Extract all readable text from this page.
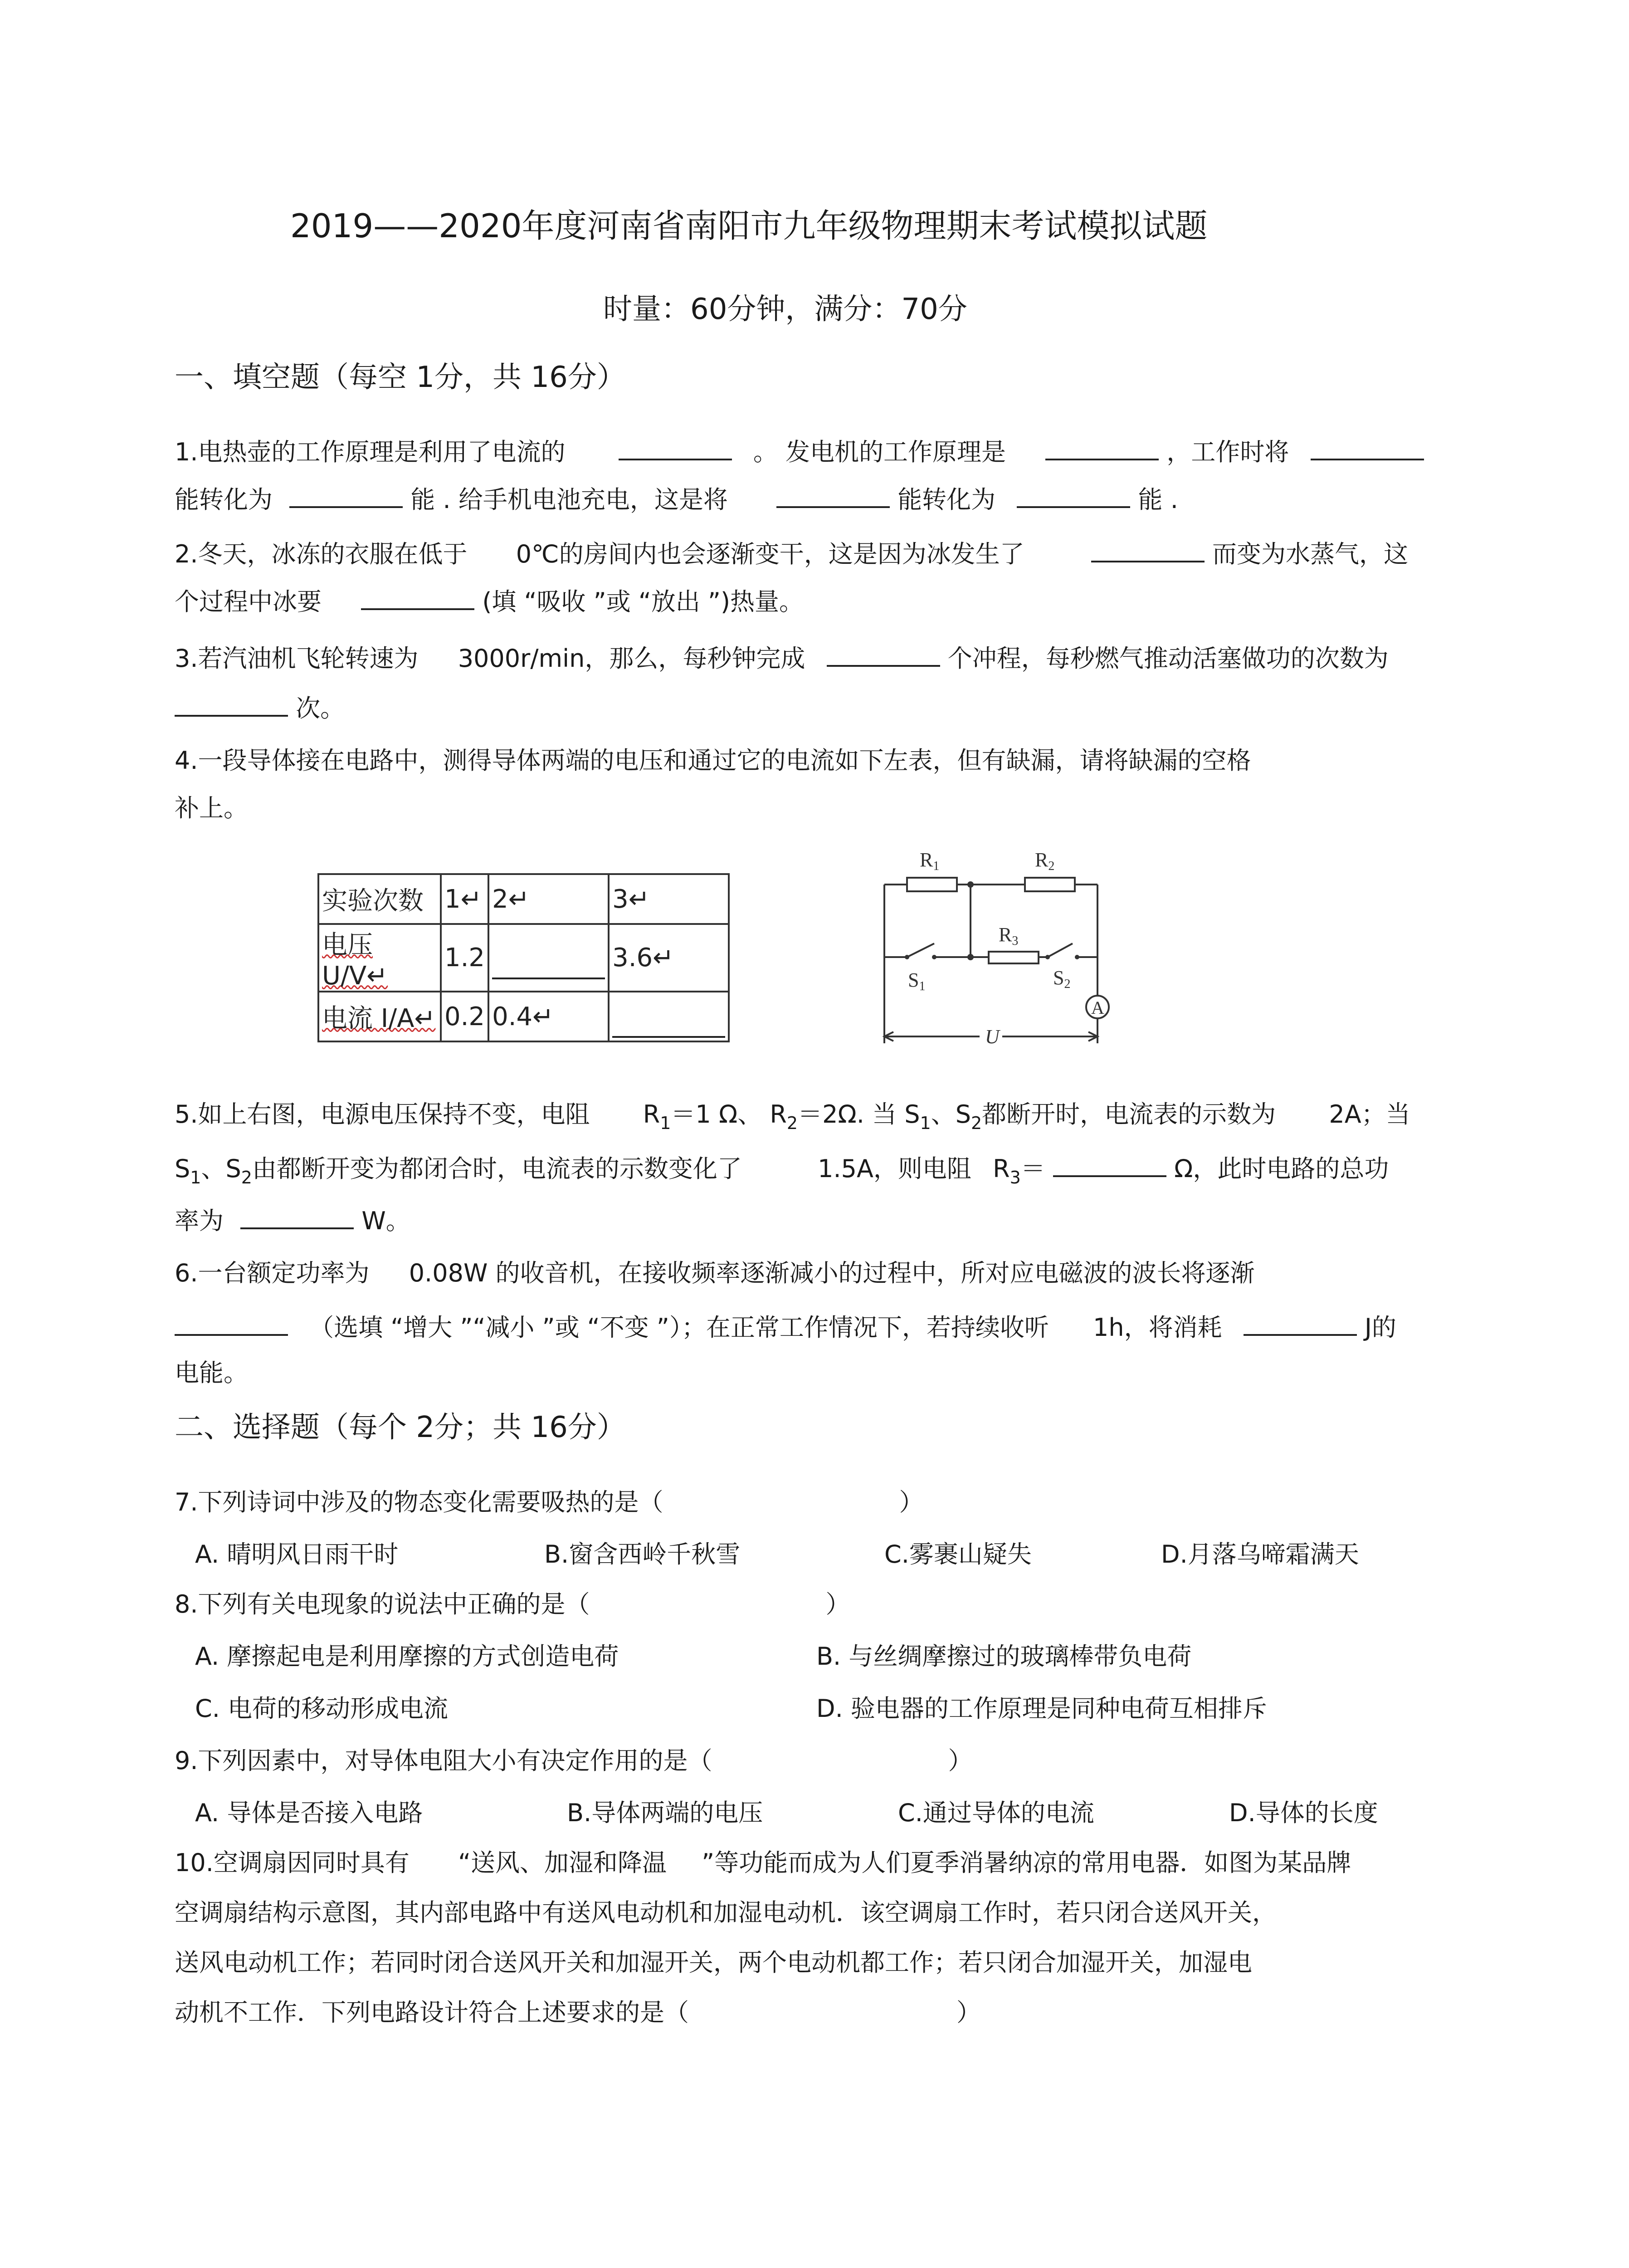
2019——2020年度河南省南阳市九年级物理期末考试模拟试题
时量：60分钟，满分：70分
一、填空题（每空 1分，共 16分）
1.电热壶的工作原理是利用了电流的	。 发电机的工作原理是	，工作时将
能转化为	能 . 给手机电池充电，这是将	能转化为	能 .
2.冬天，冰冻的衣服在低于 0℃的房间内也会逐渐变干，这是因为冰发生了	而变为水蒸气，这
个过程中冰要	(填 “吸收 ”或 “放出 ”)热量。
3.若汽油机飞轮转速为 3000r/min，那么，每秒钟完成	个冲程，每秒燃气推动活塞做功的次数为
次。
4.一段导体接在电路中，测得导体两端的电压和通过它的电流如下左表，但有缺漏，请将缺漏的空格
补上。
实验次数	1↵	2↵	3↵
电压 U/V↵	1.2		3.6↵
电流 I/A↵	0.2	0.4↵	
R1	R2
R3
S1	S2
A
U
5.如上右图，电源电压保持不变，电阻 $R_1=1$ Ω、 $R_2=2\Omega$. 当 $S_1$、$S_2$都断开时，电流表的示数为 2A；当
$S_1$、$S_2$由都断开变为都闭合时，电流表的示数变化了	1.5A，则电阻 $R_3=$	Ω，此时电路的总功
率为	W。
6.一台额定功率为 0.08W 的收音机，在接收频率逐渐减小的过程中，所对应电磁波的波长将逐渐
（选填 “增大 ”“减小 ”或 “不变 ”）；在正常工作情况下，若持续收听 1h，将消耗	J的
电能。
二、选择题（每个 2分；共 16分）
7.下列诗词中涉及的物态变化需要吸热的是（	）
A. 晴明风日雨干时	B.窗含西岭千秋雪	C.雾裹山疑失	D.月落乌啼霜满天
8.下列有关电现象的说法中正确的是（	）
A. 摩擦起电是利用摩擦的方式创造电荷	B. 与丝绸摩擦过的玻璃棒带负电荷
C. 电荷的移动形成电流	D. 验电器的工作原理是同种电荷互相排斥
9.下列因素中，对导体电阻大小有决定作用的是（	）
A. 导体是否接入电路	B.导体两端的电压	C.通过导体的电流	D.导体的长度
10.空调扇因同时具有 “送风、加湿和降温 ”等功能而成为人们夏季消暑纳凉的常用电器．如图为某品牌
空调扇结构示意图，其内部电路中有送风电动机和加湿电动机．该空调扇工作时，若只闭合送风开关，
送风电动机工作；若同时闭合送风开关和加湿开关，两个电动机都工作；若只闭合加湿开关，加湿电
动机不工作．下列电路设计符合上述要求的是（	）
